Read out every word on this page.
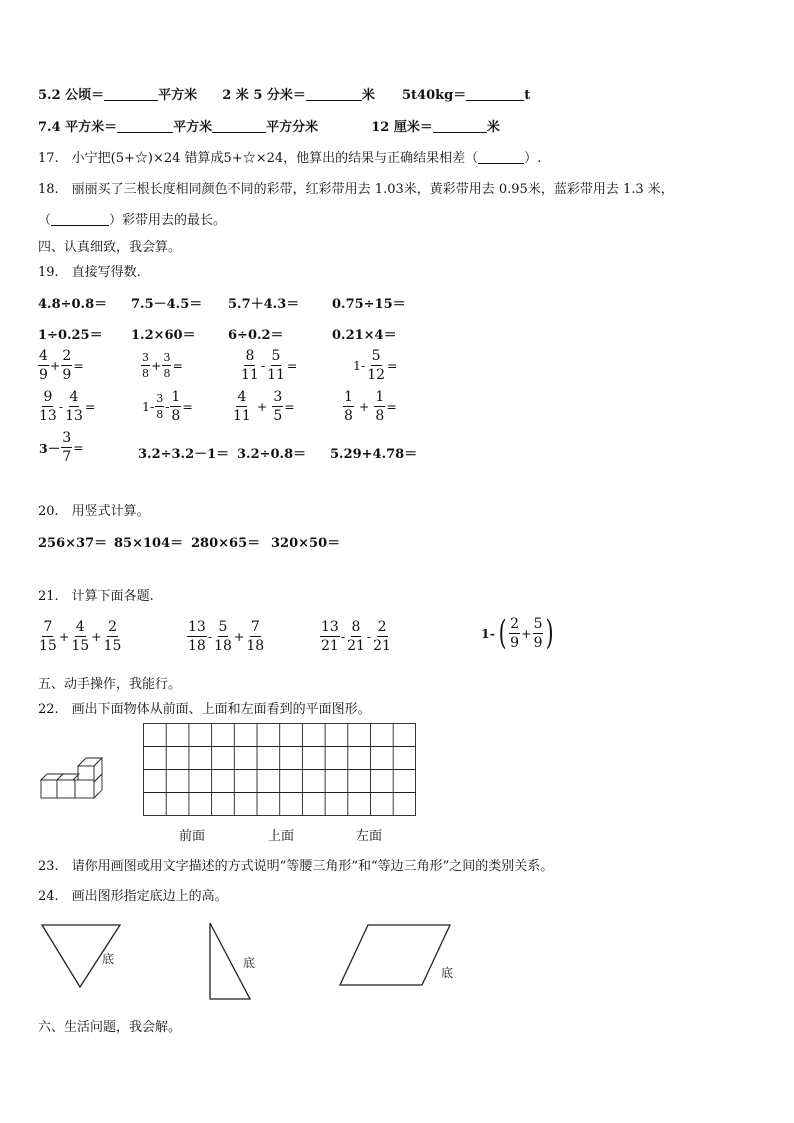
5.2 公顷＝	平方米 2 米 5 分米＝	米 5t40kg＝	t
7.4 平方米＝	平方米	平方分米	12 厘米＝	米
17.　小宁把(5+☆)×24 错算成5+☆×24，他算出的结果与正确结果相差（	）.
18.　丽丽买了三根长度相同颜色不同的彩带，红彩带用去 1.03米，黄彩带用去 0.95米，蓝彩带用去 1.3 米，
（	）彩带用去的最长。
四、认真细致，我会算。
19.　直接写得数.
4.8÷0.8＝ 7.5－4.5＝ 5.7＋4.3＝	0.75÷15＝
1÷0.25＝ 1.2×60＝ 6÷0.2＝	0.21×4＝
$\frac{4}{9} + \frac{2}{9}$ =	$\frac{3}{8} + \frac{3}{8}$ =	$\frac{8}{11} - \frac{5}{11}$ =	$1- \frac{5}{12}$ =
$\frac{9}{13} - \frac{4}{13}$ =	$1- \frac{3}{8} - \frac{1}{8}$ =	$\frac{4}{11} + \frac{3}{5}$ =	$\frac{1}{8} + \frac{1}{8}$ =
$3- \frac{3}{7}$ =	3.2÷3.2－1＝ 3.2÷0.8＝ 5.29+4.78＝
20.　用竖式计算。
256×37＝ 85×104＝ 280×65＝ 320×50＝
21.　计算下面各题.
$\frac{7}{15} + \frac{4}{15} + \frac{2}{15}$	$\frac{13}{18} - \frac{5}{18} + \frac{7}{18}$	$\frac{13}{21} - \frac{8}{21} - \frac{2}{21}$	1- ( $\frac{2}{9} + \frac{5}{9}$ )
五、动手操作，我能行。
22.　画出下面物体从前面、上面和左面看到的平面图形。
前面	上面	左面
23.　请你用画图或用文字描述的方式说明“等腰三角形”和“等边三角形”之间的类别关系。
24.　画出图形指定底边上的高。
底	底
底
六、生活问题，我会解。
